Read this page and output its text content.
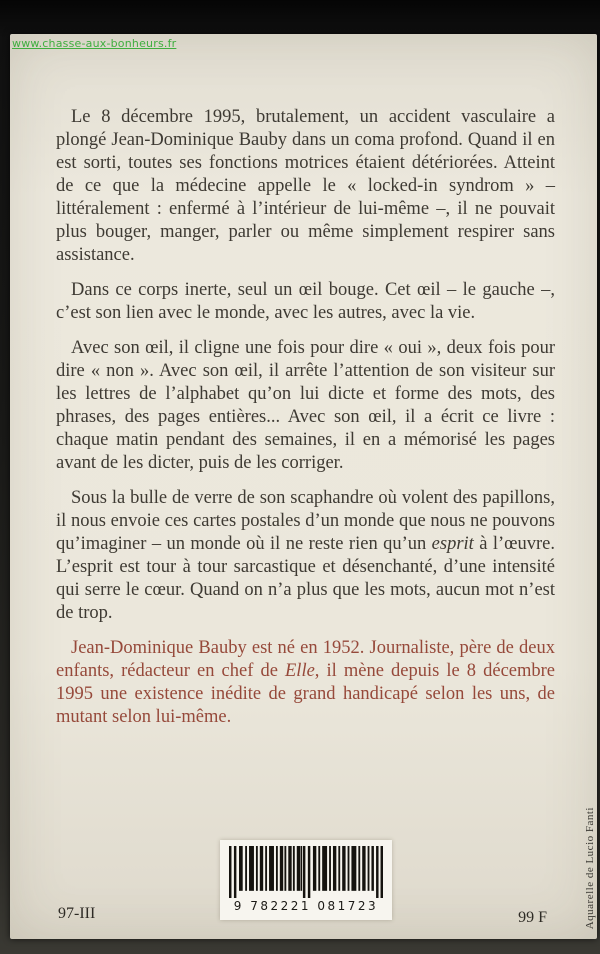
www.chasse-aux-bonheurs.fr

Le 8 décembre 1995, brutalement, un accident vasculaire a plongé Jean-Dominique Bauby dans un coma profond. Quand il en est sorti, toutes ses fonctions motrices étaient détériorées. Atteint de ce que la médecine appelle le « locked-in syndrom » – littéralement : enfermé à l’intérieur de lui-même –, il ne pouvait plus bouger, manger, parler ou même simplement respirer sans assistance.

Dans ce corps inerte, seul un œil bouge. Cet œil – le gauche –, c’est son lien avec le monde, avec les autres, avec la vie.

Avec son œil, il cligne une fois pour dire « oui », deux fois pour dire « non ». Avec son œil, il arrête l’attention de son visiteur sur les lettres de l’alphabet qu’on lui dicte et forme des mots, des phrases, des pages entières... Avec son œil, il a écrit ce livre : chaque matin pendant des semaines, il en a mémorisé les pages avant de les dicter, puis de les corriger.

Sous la bulle de verre de son scaphandre où volent des papillons, il nous envoie ces cartes postales d’un monde que nous ne pouvons qu’imaginer – un monde où il ne reste rien qu’un esprit à l’œuvre. L’esprit est tour à tour sarcastique et désenchanté, d’une intensité qui serre le cœur. Quand on n’a plus que les mots, aucun mot n’est de trop.

Jean-Dominique Bauby est né en 1952. Journaliste, père de deux enfants, rédacteur en chef de Elle, il mène depuis le 8 décembre 1995 une existence inédite de grand handicapé selon les uns, de mutant selon lui-même.

Aquarelle de Lucio Fanti
9 782221 081723
97-III	99 F
